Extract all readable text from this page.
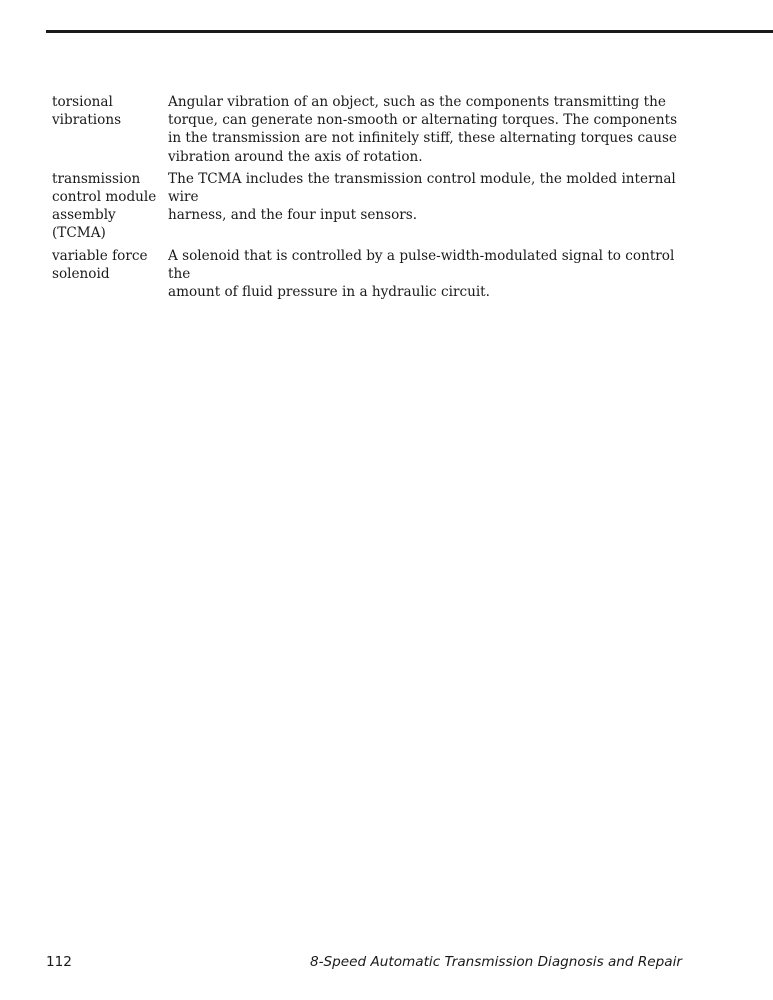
torsional
vibrations
Angular vibration of an object, such as the components transmitting the
torque, can generate non-smooth or alternating torques. The components
in the transmission are not infinitely stiff, these alternating torques cause
vibration around the axis of rotation.
transmission
control module
assembly
(TCMA)
The TCMA includes the transmission control module, the molded internal wire
harness, and the four input sensors.
variable force
solenoid
A solenoid that is controlled by a pulse-width-modulated signal to control the
amount of fluid pressure in a hydraulic circuit.
112	8-Speed Automatic Transmission Diagnosis and Repair
